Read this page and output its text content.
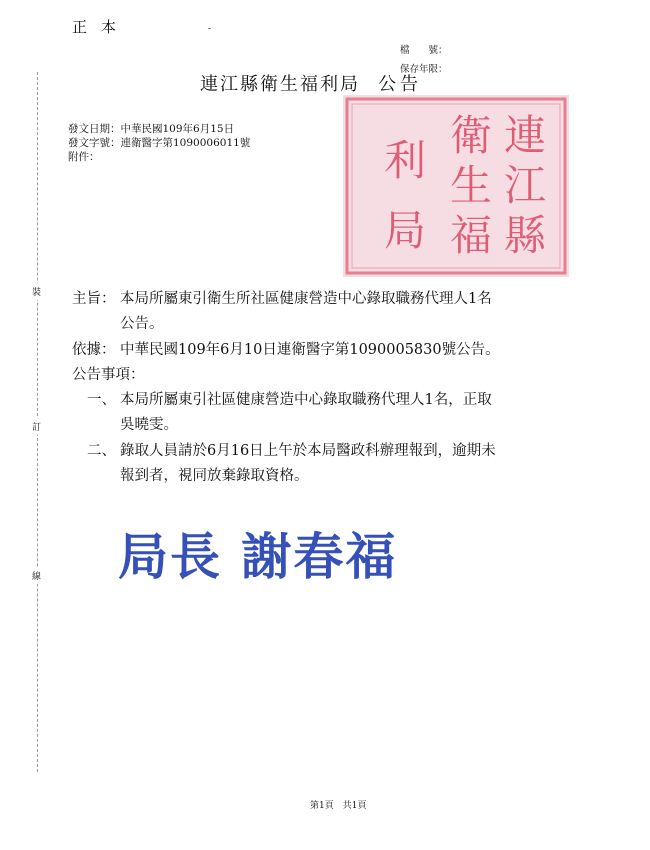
正本	-
檔　　號：
保存年限：
連江縣衛生福利局 公告
發文日期：中華民國109年6月15日
發文字號：連衛醫字第1090006011號
附件：	連
江
縣
衛
生
福
利
局
裝
訂
線
主旨： 本局所屬東引衛生所社區健康營造中心錄取職務代理人1名
公告。
依據： 中華民國109年6月10日連衛醫字第1090005830號公告。
公告事項：
一、 本局所屬東引社區健康營造中心錄取職務代理人1名，正取
吳曉雯。
二、 錄取人員請於6月16日上午於本局醫政科辦理報到，逾期未
報到者，視同放棄錄取資格。
局長 謝春福
第1頁　共1頁
